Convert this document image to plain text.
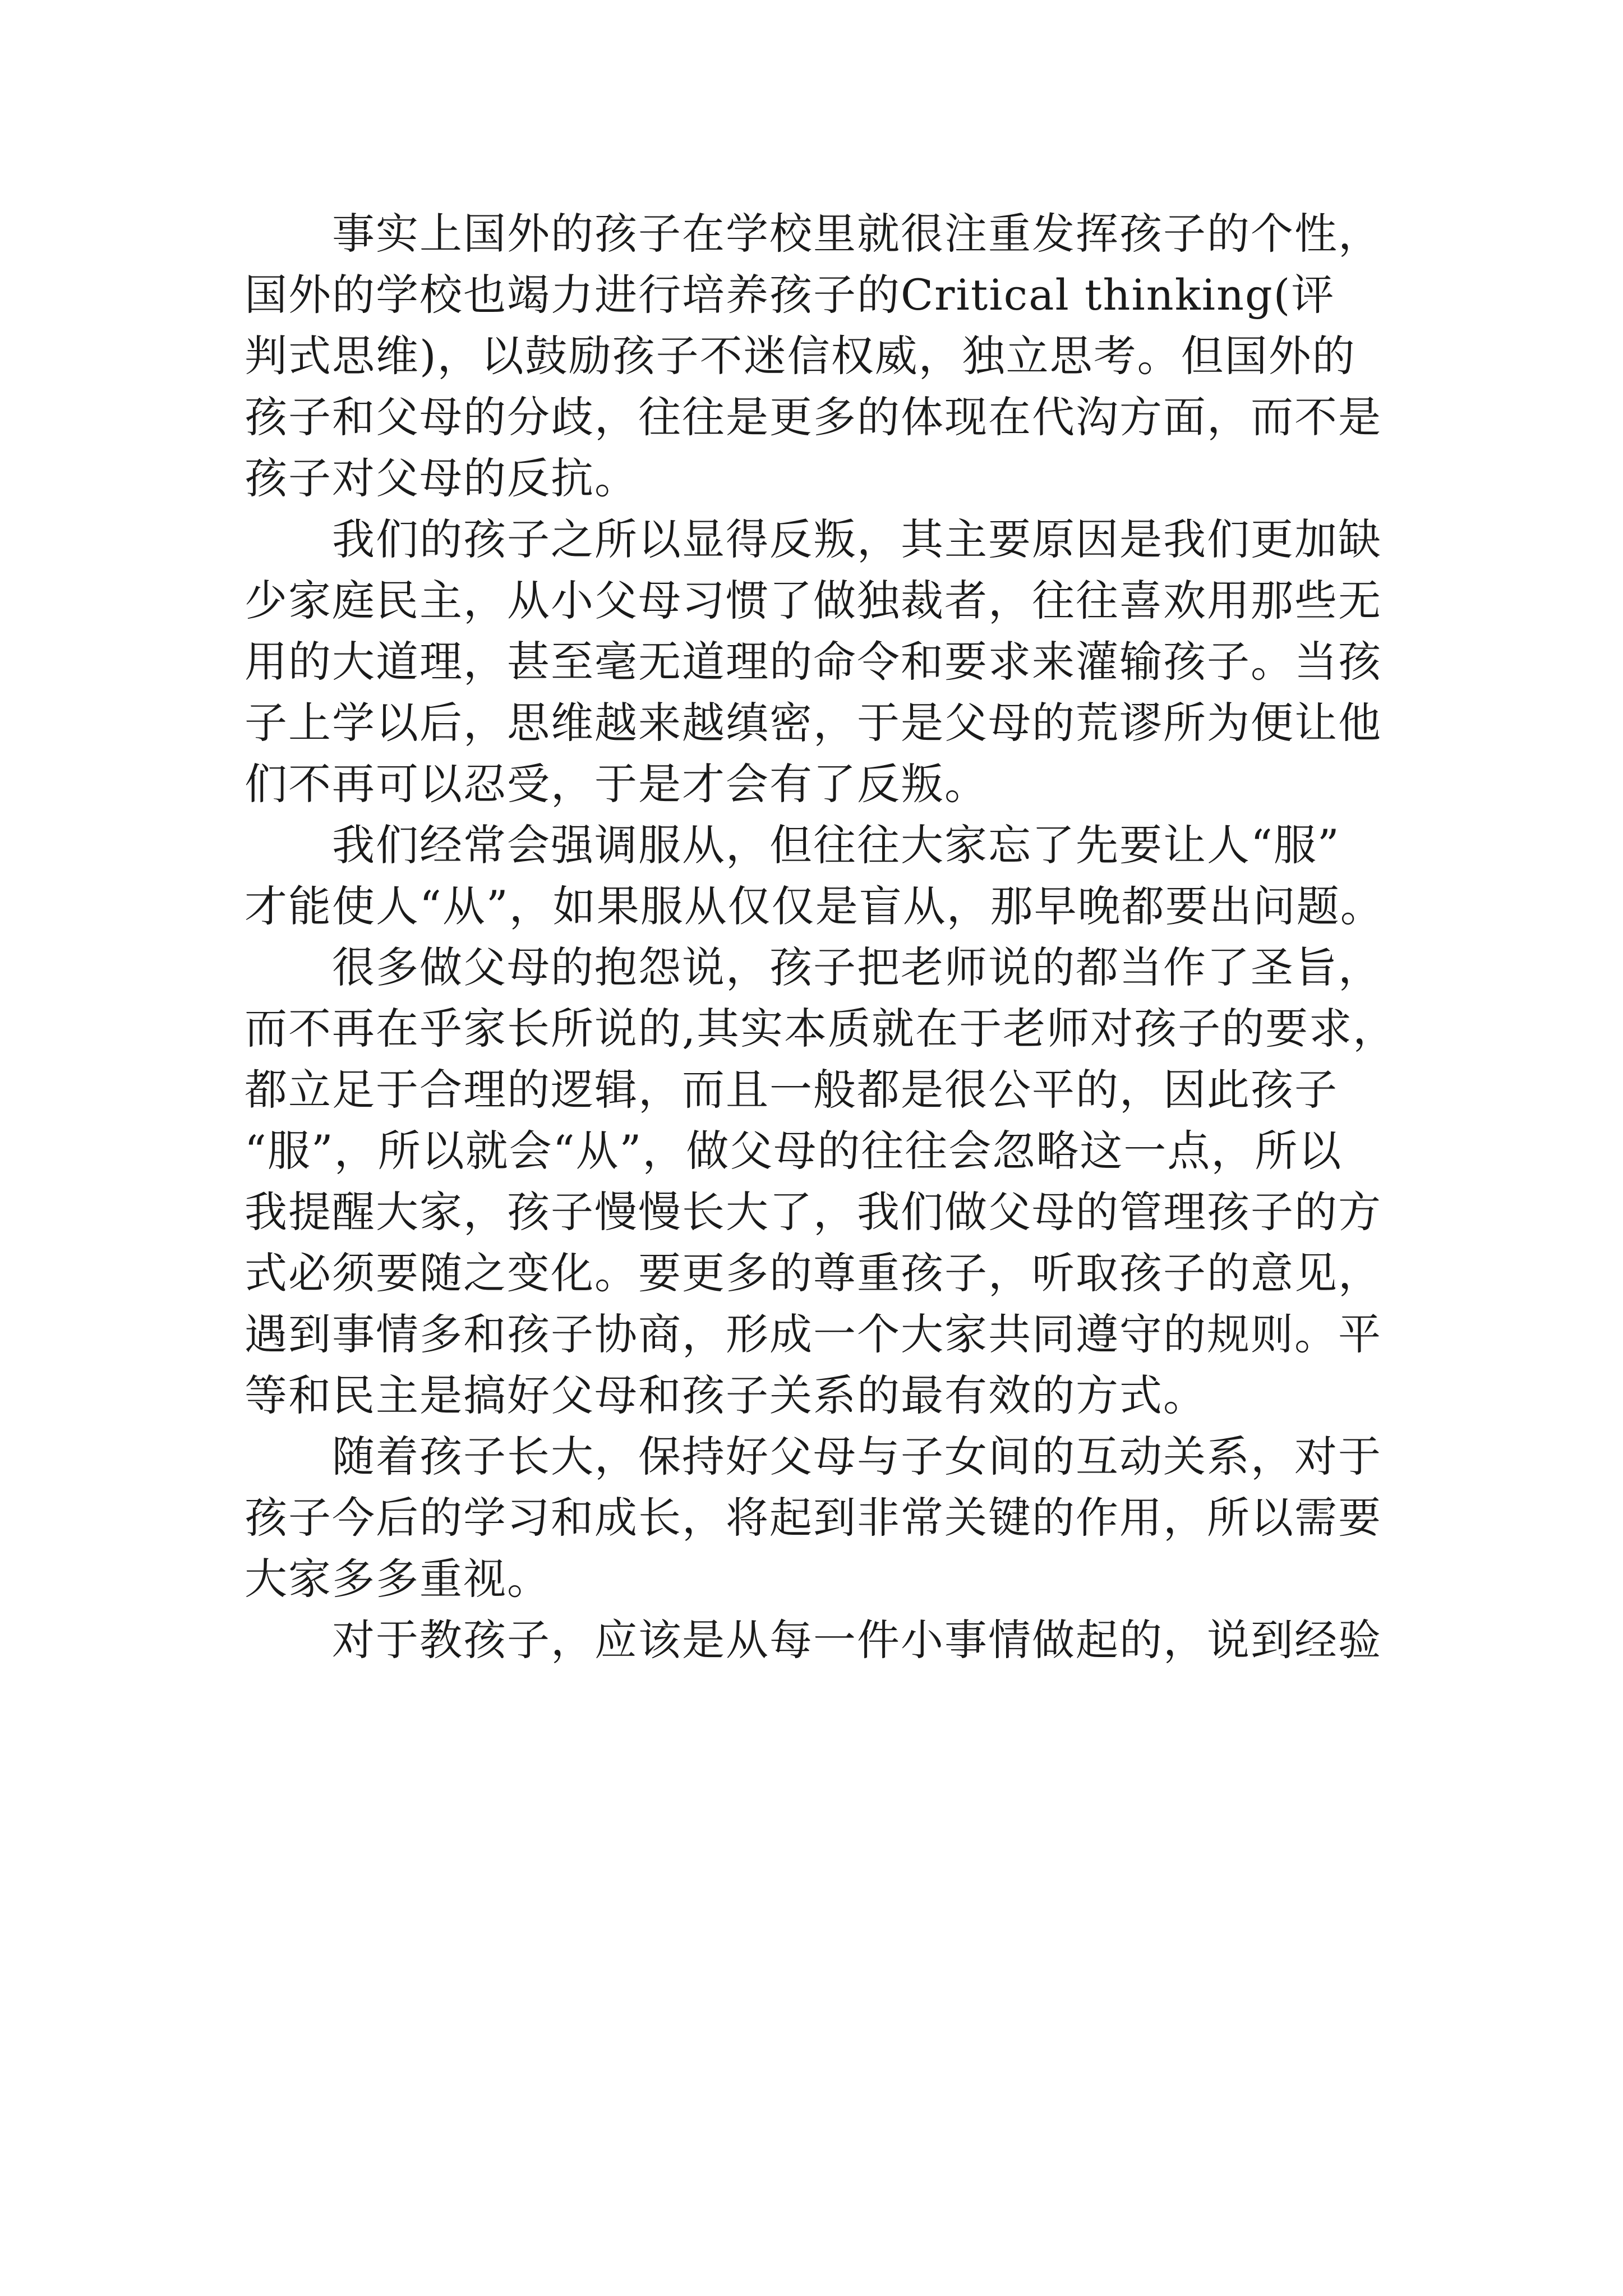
事实上国外的孩子在学校里就很注重发挥孩子的个性，
国外的学校也竭力进行培养孩子的Critical thinking(评
判式思维)，以鼓励孩子不迷信权威，独立思考。但国外的
孩子和父母的分歧，往往是更多的体现在代沟方面，而不是
孩子对父母的反抗。
我们的孩子之所以显得反叛，其主要原因是我们更加缺
少家庭民主，从小父母习惯了做独裁者，往往喜欢用那些无
用的大道理，甚至毫无道理的命令和要求来灌输孩子。当孩
子上学以后，思维越来越缜密，于是父母的荒谬所为便让他
们不再可以忍受，于是才会有了反叛。
我们经常会强调服从，但往往大家忘了先要让人“服”
才能使人“从”，如果服从仅仅是盲从，那早晚都要出问题。
很多做父母的抱怨说，孩子把老师说的都当作了圣旨，
而不再在乎家长所说的,其实本质就在于老师对孩子的要求，
都立足于合理的逻辑，而且一般都是很公平的，因此孩子
“服”，所以就会“从”，做父母的往往会忽略这一点，所以
我提醒大家，孩子慢慢长大了，我们做父母的管理孩子的方
式必须要随之变化。要更多的尊重孩子，听取孩子的意见，
遇到事情多和孩子协商，形成一个大家共同遵守的规则。平
等和民主是搞好父母和孩子关系的最有效的方式。
随着孩子长大，保持好父母与子女间的互动关系，对于
孩子今后的学习和成长，将起到非常关键的作用，所以需要
大家多多重视。
对于教孩子，应该是从每一件小事情做起的，说到经验
